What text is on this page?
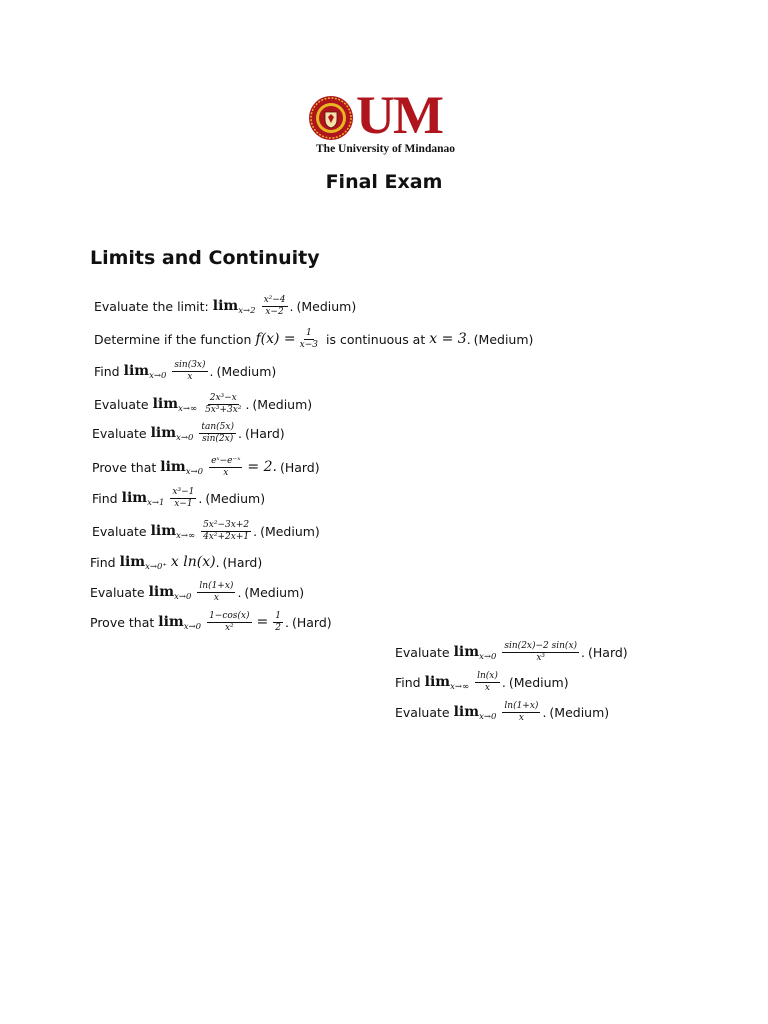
UM
The University of Mindanao
Final Exam
Limits and Continuity
Evaluate the limit: $\lim x\to 2 \frac{\text{x²−4}}{x-2}$ . (Medium)
Determine if the function $f(x) = \frac{1}{x-3}$ is continuous at x = 3 . (Medium)
Find $\lim x\to 0 \frac{\sin(3x)}{x}$ . (Medium)
Evaluate $\lim x\to\infty \frac{\text{2x³−x}}{\text{5x³+3x²}}$ . (Medium)
Evaluate $\lim x\to 0 \frac{\tan(5x)}{\sin(2x)}$ . (Hard)
Prove that $\lim x\to 0 \frac{\text{eˣ−e⁻ˣ}}{x} = 2$. (Hard)
Find $\lim x\to 1 \frac{\text{x³−1}}{x-1}$ . (Medium)
Evaluate $\lim x\to\infty \frac{\text{5x²−3x+2}}{\text{4x²+2x+1}}$ . (Medium)
Find lim x→0⁺ x ln(x) . (Hard)
Evaluate $\lim x\to 0 \frac{\ln(1+x)}{x}$ . (Medium)
Prove that $\lim x\to 0 \frac{1-\cos(x)}{\text{x²}} = \frac{1}{2}$ . (Hard)
Evaluate $\lim x\to 0 \frac{\sin(2x)-2 \sin(x)}{\text{x³}}$ . (Hard)
Find $\lim x\to\infty \frac{\ln(x)}{x}$ . (Medium)
Evaluate $\lim x\to 0 \frac{\ln(1+x)}{x}$ . (Medium)
